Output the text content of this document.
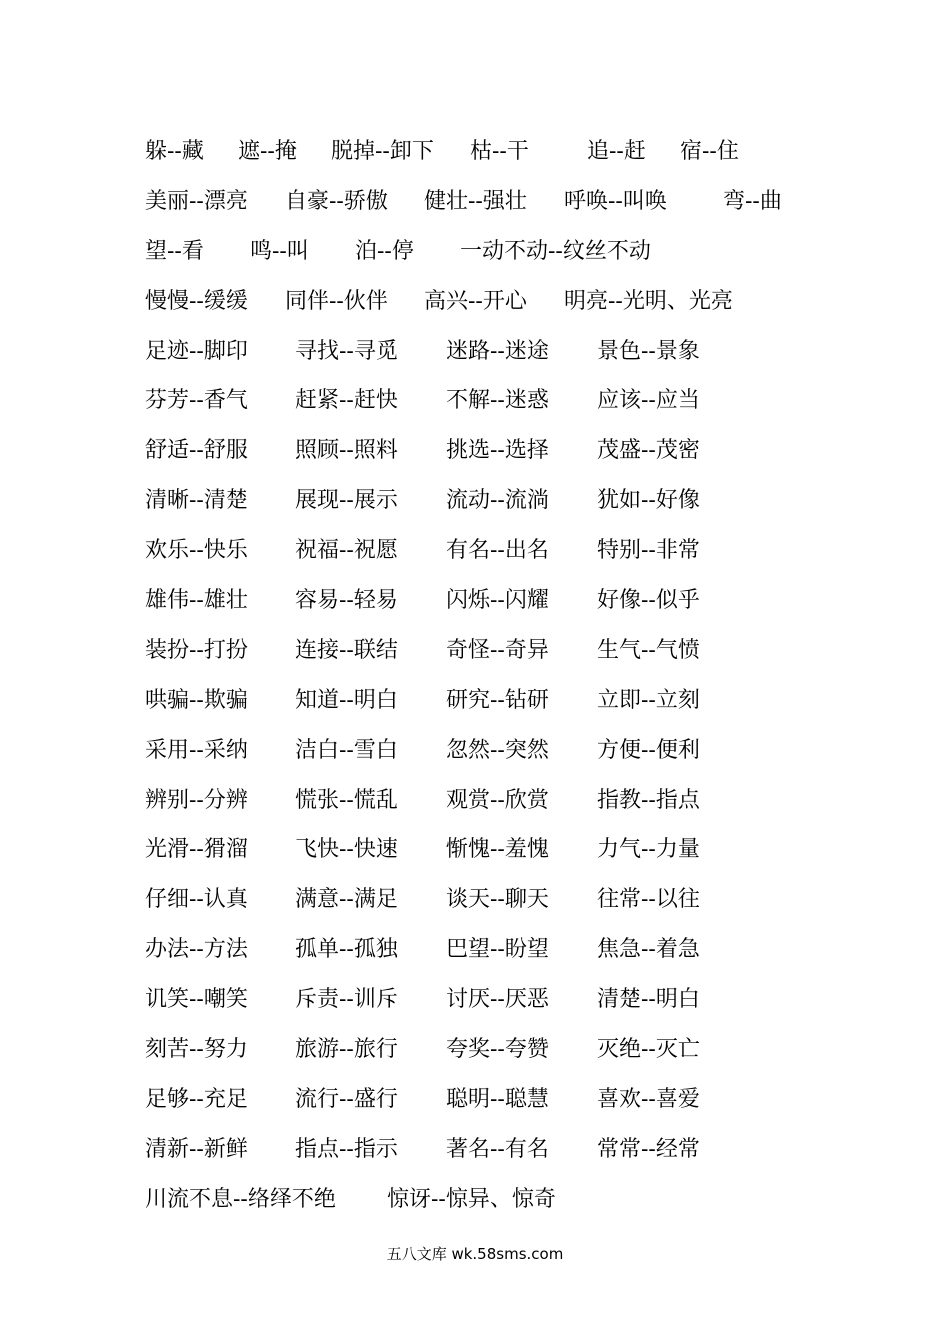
躲--藏 遮--掩 脱掉--卸下 枯--干	追--赶 宿--住
美丽--漂亮 自豪--骄傲 健壮--强壮 呼唤--叫唤	弯--曲
望--看 鸣--叫 泊--停 一动不动--纹丝不动
慢慢--缓缓 同伴--伙伴 高兴--开心 明亮--光明、光亮
足迹--脚印 寻找--寻觅 迷路--迷途 景色--景象
芬芳--香气 赶紧--赶快 不解--迷惑 应该--应当
舒适--舒服 照顾--照料 挑选--选择 茂盛--茂密
清晰--清楚 展现--展示 流动--流淌 犹如--好像
欢乐--快乐 祝福--祝愿 有名--出名 特别--非常
雄伟--雄壮 容易--轻易 闪烁--闪耀 好像--似乎
装扮--打扮 连接--联结 奇怪--奇异 生气--气愤
哄骗--欺骗 知道--明白 研究--钻研 立即--立刻
采用--采纳 洁白--雪白 忽然--突然 方便--便利
辨别--分辨 慌张--慌乱 观赏--欣赏 指教--指点
光滑--猾溜 飞快--快速 惭愧--羞愧 力气--力量
仔细--认真 满意--满足 谈天--聊天 往常--以往
办法--方法 孤单--孤独 巴望--盼望 焦急--着急
讥笑--嘲笑 斥责--训斥 讨厌--厌恶 清楚--明白
刻苦--努力 旅游--旅行 夸奖--夸赞 灭绝--灭亡
足够--充足 流行--盛行 聪明--聪慧 喜欢--喜爱
清新--新鲜 指点--指示 著名--有名 常常--经常
川流不息--络绎不绝 惊讶--惊异、惊奇
五八文库 wk.58sms.com
